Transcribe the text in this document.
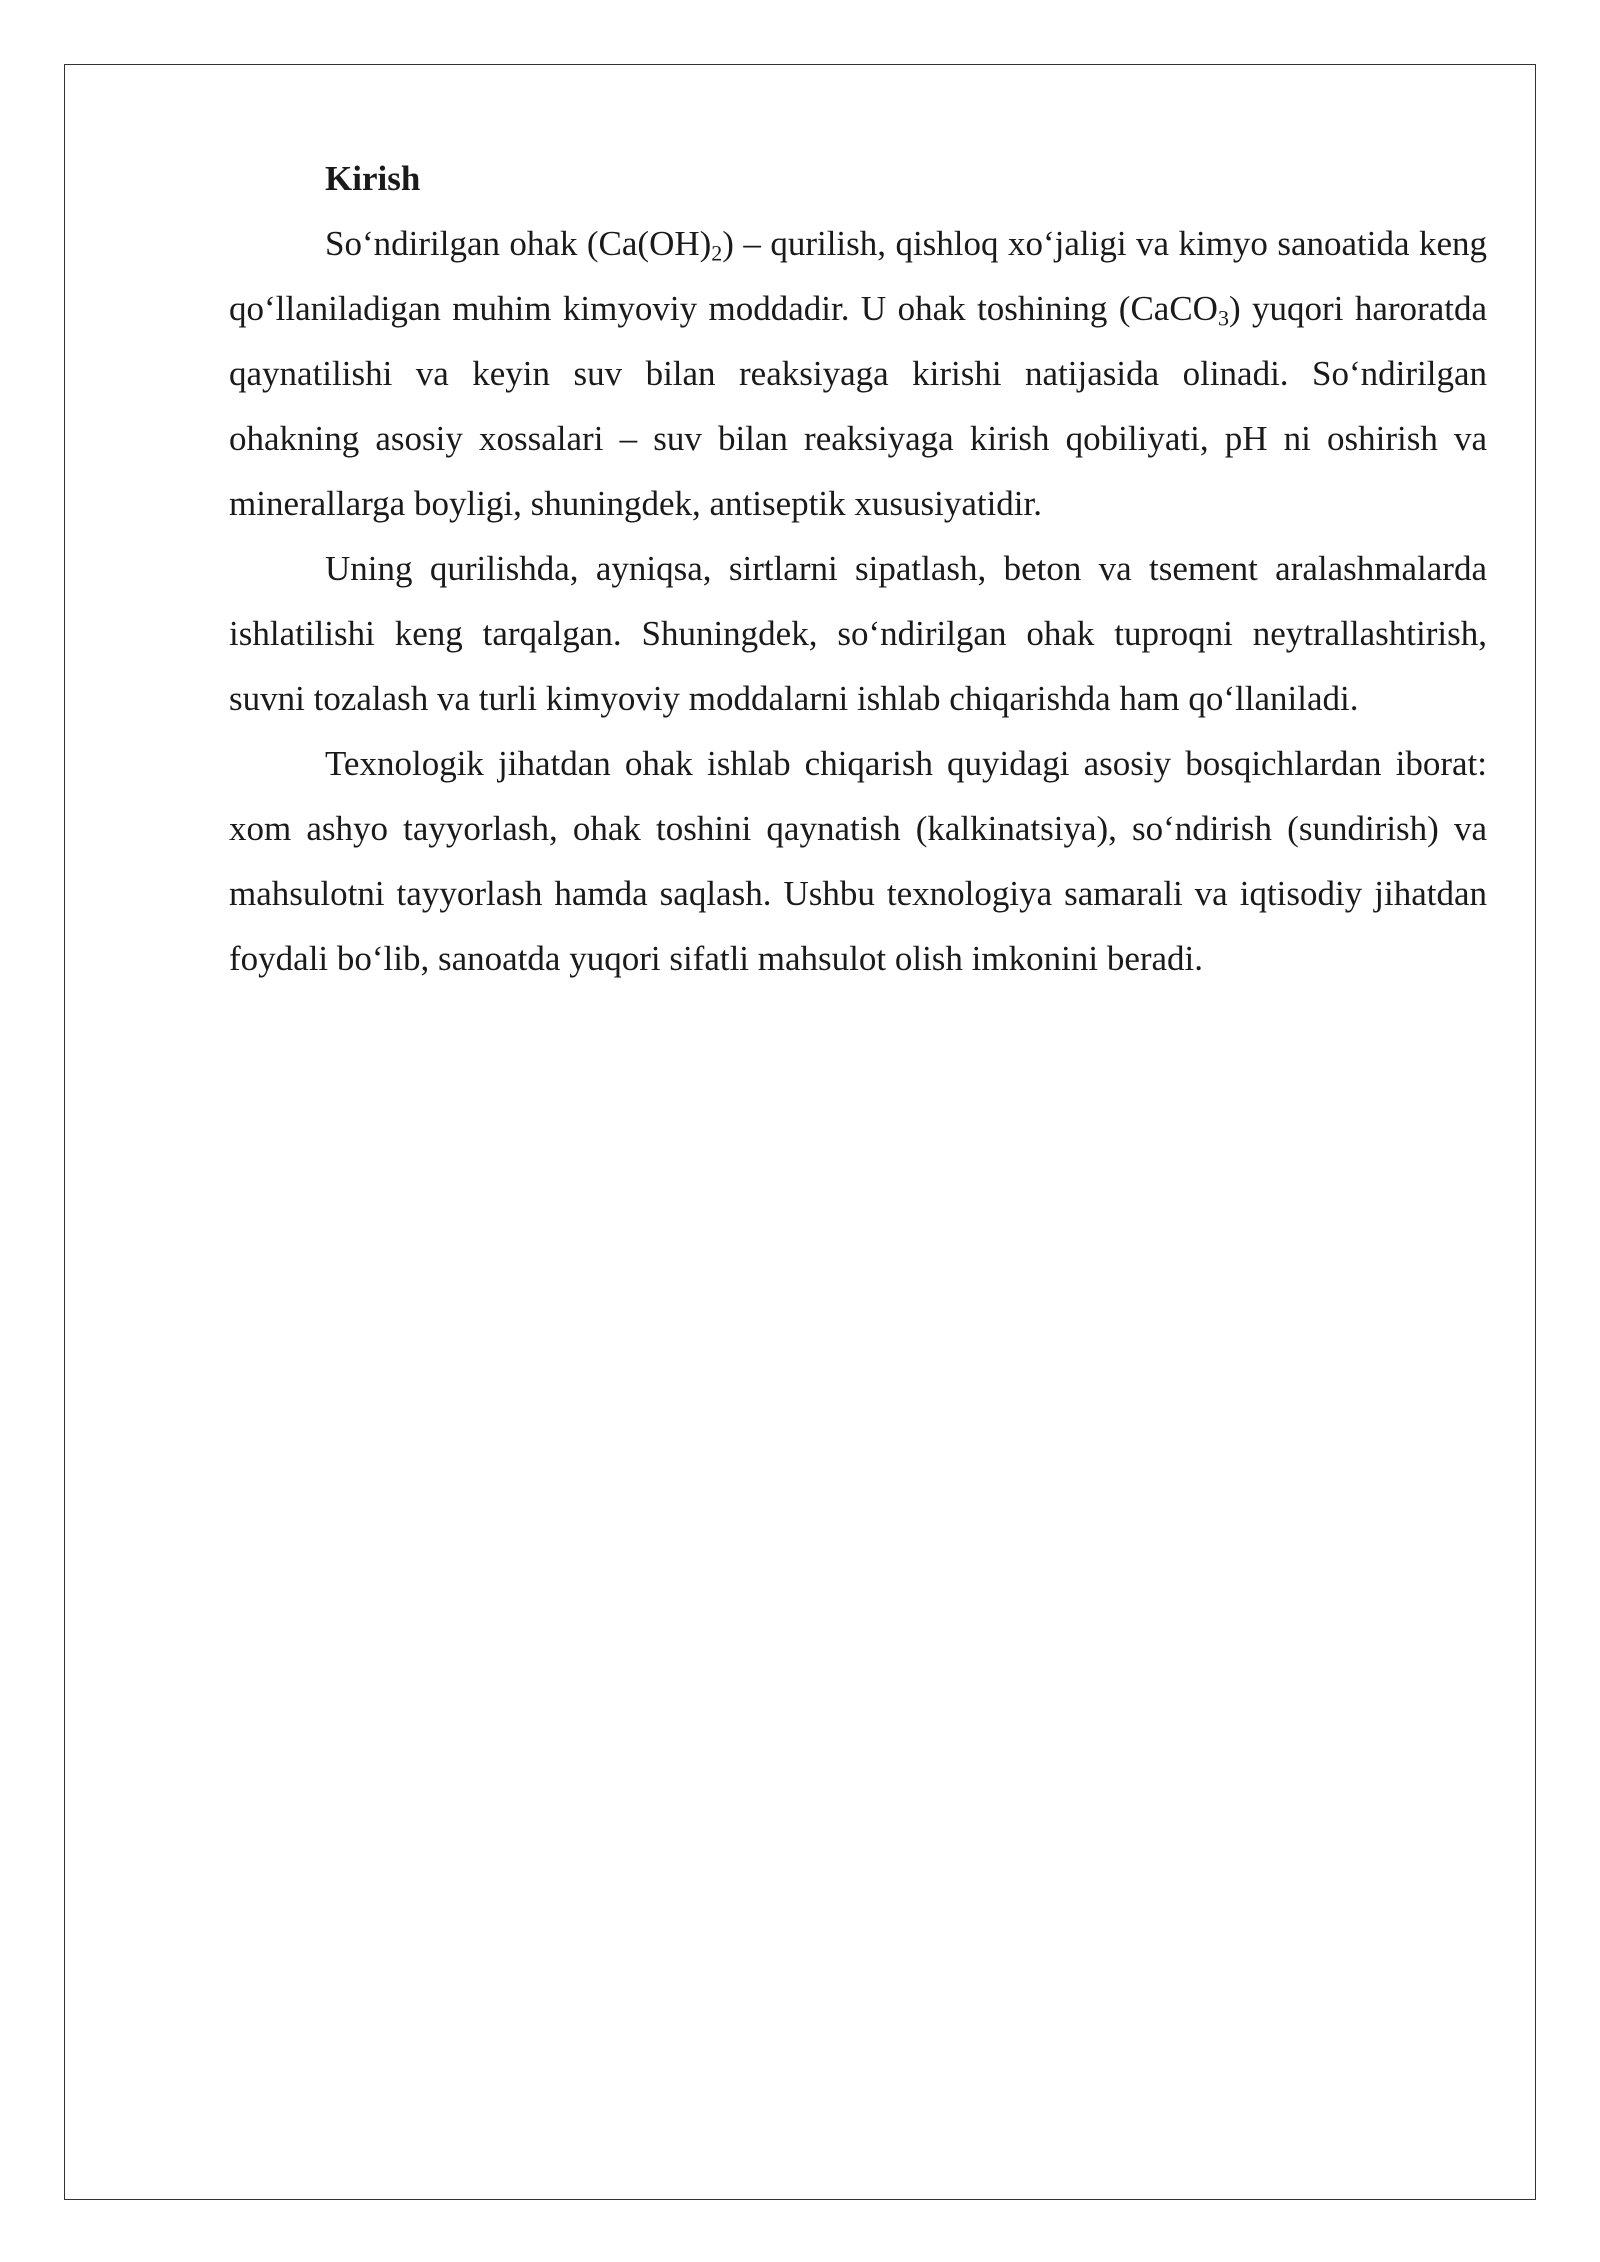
Kirish

So‘ndirilgan ohak $(Ca(OH)_2)$ – qurilish, qishloq xo‘jaligi va kimyo sanoatida keng qo‘llaniladigan muhim kimyoviy moddadir. U ohak toshining (CaCO$_3$) yuqori haroratda qaynatilishi va keyin suv bilan reaksiyaga kirishi natijasida olinadi. So‘ndirilgan ohakning asosiy xossalari – suv bilan reaksiyaga kirish qobiliyati, pH ni oshirish va minerallarga boyligi, shuningdek, antiseptik xususiyatidir.

Uning qurilishda, ayniqsa, sirtlarni sipatlash, beton va tsement aralashmalarda ishlatilishi keng tarqalgan. Shuningdek, so‘ndirilgan ohak tuproqni neytrallashtirish, suvni tozalash va turli kimyoviy moddalarni ishlab chiqarishda ham qo‘llaniladi.

Texnologik jihatdan ohak ishlab chiqarish quyidagi asosiy bosqichlardan iborat: xom ashyo tayyorlash, ohak toshini qaynatish (kalkinatsiya), so‘ndirish (sundirish) va mahsulotni tayyorlash hamda saqlash. Ushbu texnologiya samarali va iqtisodiy jihatdan foydali bo‘lib, sanoatda yuqori sifatli mahsulot olish imkonini beradi.
